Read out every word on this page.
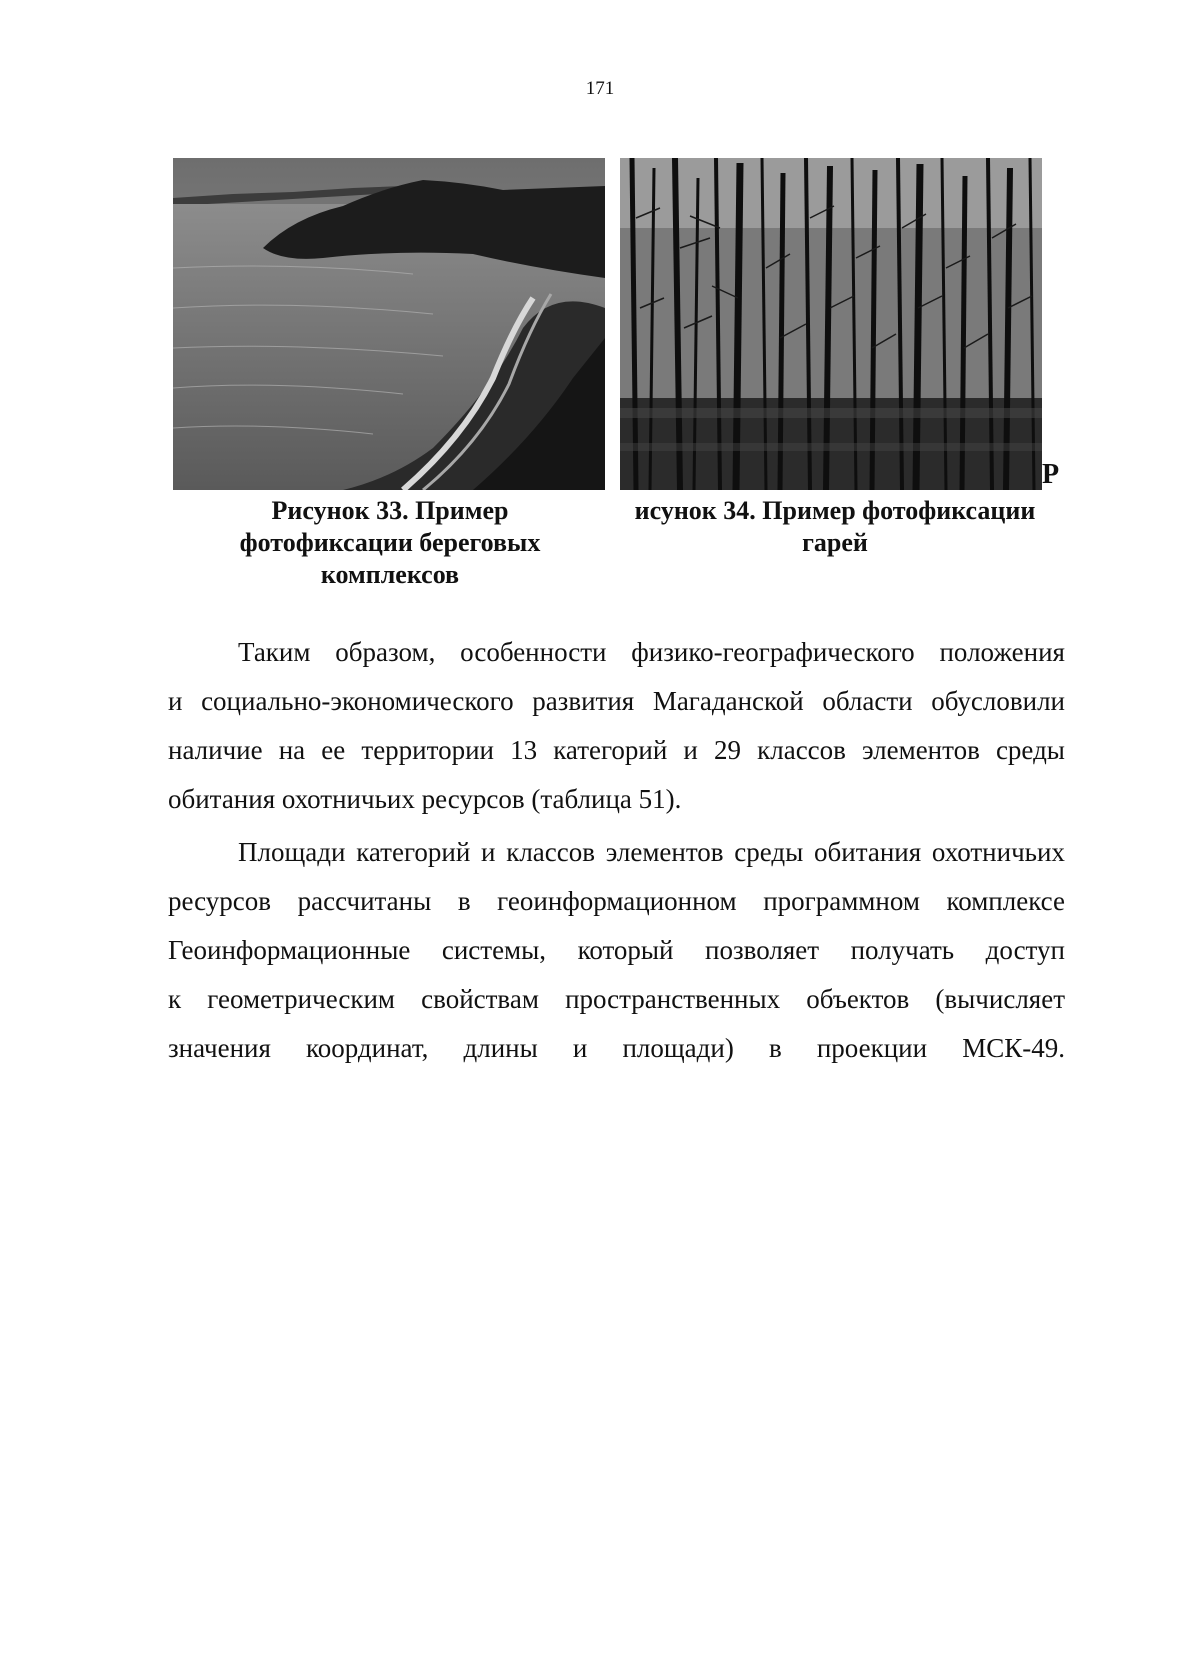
171
Р
Рисунок 33. Пример
фотофиксации береговых
комплексов
исунок 34. Пример фотофиксации
гарей
Таким образом, особенности физико-географического положения
и социально-экономического развития Магаданской области обусловили
наличие на ее территории 13 категорий и 29 классов элементов среды
обитания охотничьих ресурсов (таблица 51).
Площади категорий и классов элементов среды обитания охотничьих
ресурсов рассчитаны в геоинформационном программном комплексе
Геоинформационные системы, который позволяет получать доступ
к геометрическим свойствам пространственных объектов (вычисляет
значения координат, длины и площади) в проекции МСК-49.
